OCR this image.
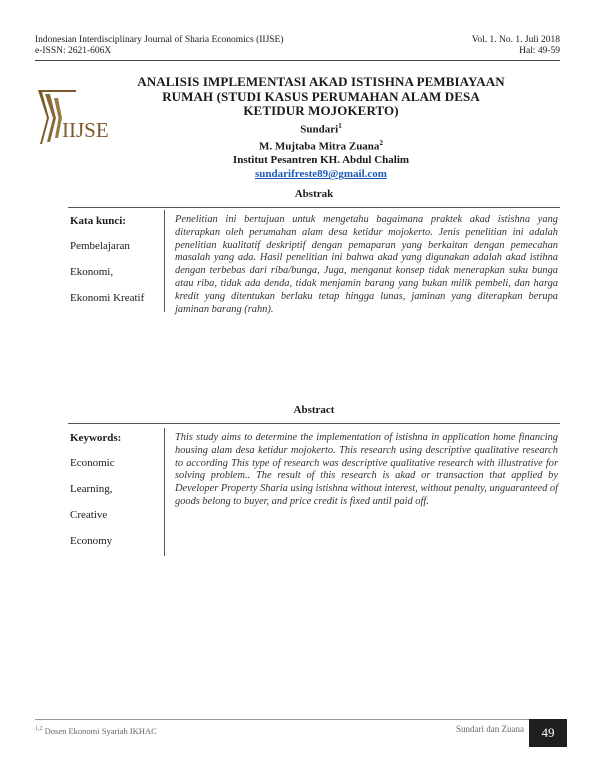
Indonesian Interdisciplinary Journal of Sharia Economics (IIJSE)
e-ISSN: 2621-606X
Vol. 1. No. 1. Juli 2018
Hal: 49-59
IIJSE
ANALISIS IMPLEMENTASI AKAD ISTISHNA PEMBIAYAAN
RUMAH (STUDI KASUS PERUMAHAN ALAM DESA
KETIDUR MOJOKERTO)
Sundari$^1$
M. Mujtaba Mitra Zuana$^2$
Institut Pesantren KH. Abdul Chalim
sundarifreste89@gmail.com
Abstrak
Kata kunci:
Pembelajaran
Ekonomi,
Ekonomi Kreatif
Penelitian ini bertujuan untuk mengetahu bagaimana praktek akad istishna yang diterapkan oleh perumahan alam desa ketidur mojokerto. Jenis penelitian ini adalah penelitian kualitatif deskriptif dengan pemaparan yang berkaitan dengan pemecahan masalah yang ada. Hasil penelitian ini bahwa akad yang digunakan adalah akad istihna dengan terbebas dari riba/bunga, Juga, menganut konsep tidak menerapkan suku bunga atau riba, tidak ada denda, tidak menjamin barang yang bukan milik pembeli, dan harga kredit yang ditentukan berlaku tetap hingga lunas, jaminan yang diterapkan berupa jaminan barang (rahn).
Abstract
Keywords:
Economic
Learning,
Creative
Economy
This study aims to determine the implementation of istishna in application home financing housing alam desa ketidur mojokerto. This research using descriptive qualitative research to according This type of research was descriptive qualitative research with illustrative for solving problem.. The result of this research is akad or transaction that applied by Developer Property Sharia using istishna without interest, without penalty, unguaranteed of goods belong to buyer, and price credit is fixed until paid off.
$^{1,2}$ Dosen Ekonomi Syariah IKHAC	Sundari dan Zuana	49
